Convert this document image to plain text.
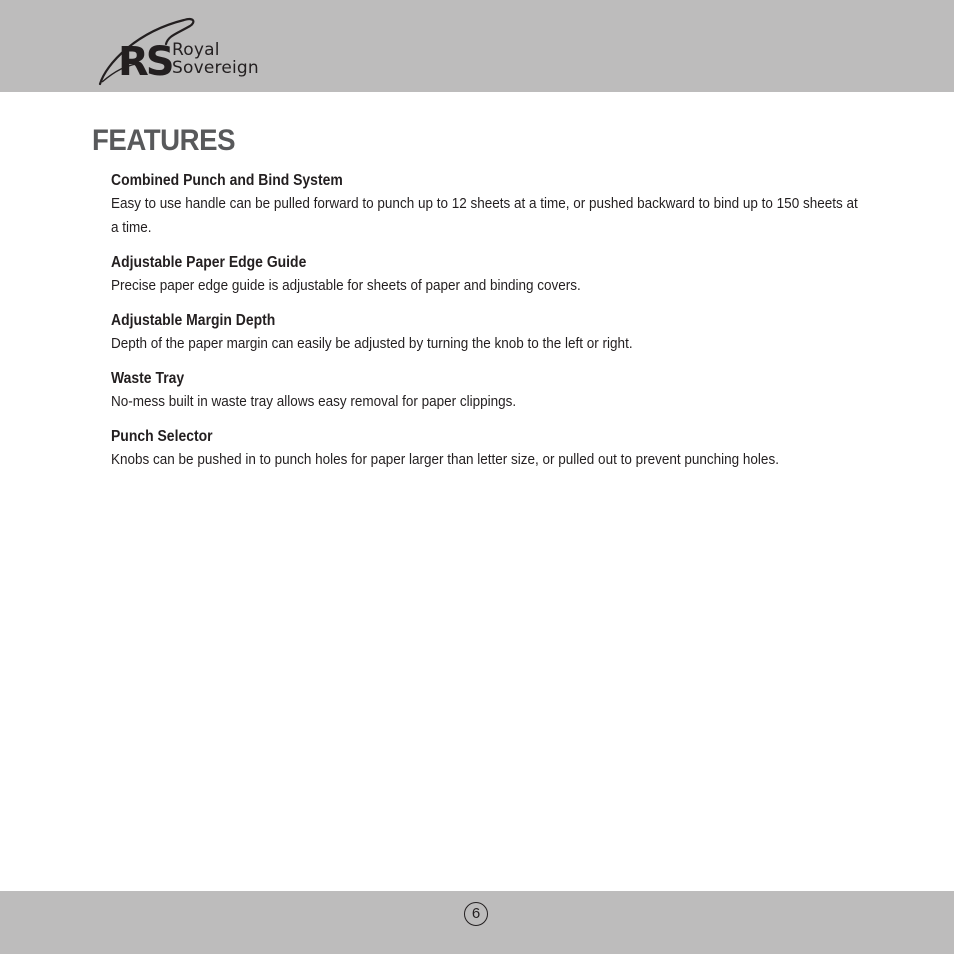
RS Royal
Sovereign
FEATURES
Combined Punch and Bind System
Easy to use handle can be pulled forward to punch up to 12 sheets at a time, or pushed backward to bind up to 150 sheets at a time.
Adjustable Paper Edge Guide
Precise paper edge guide is adjustable for sheets of paper and binding covers.
Adjustable Margin Depth
Depth of the paper margin can easily be adjusted by turning the knob to the left or right.
Waste Tray
No-mess built in waste tray allows easy removal for paper clippings.
Punch Selector
Knobs can be pushed in to punch holes for paper larger than letter size, or pulled out to prevent punching holes.
6
